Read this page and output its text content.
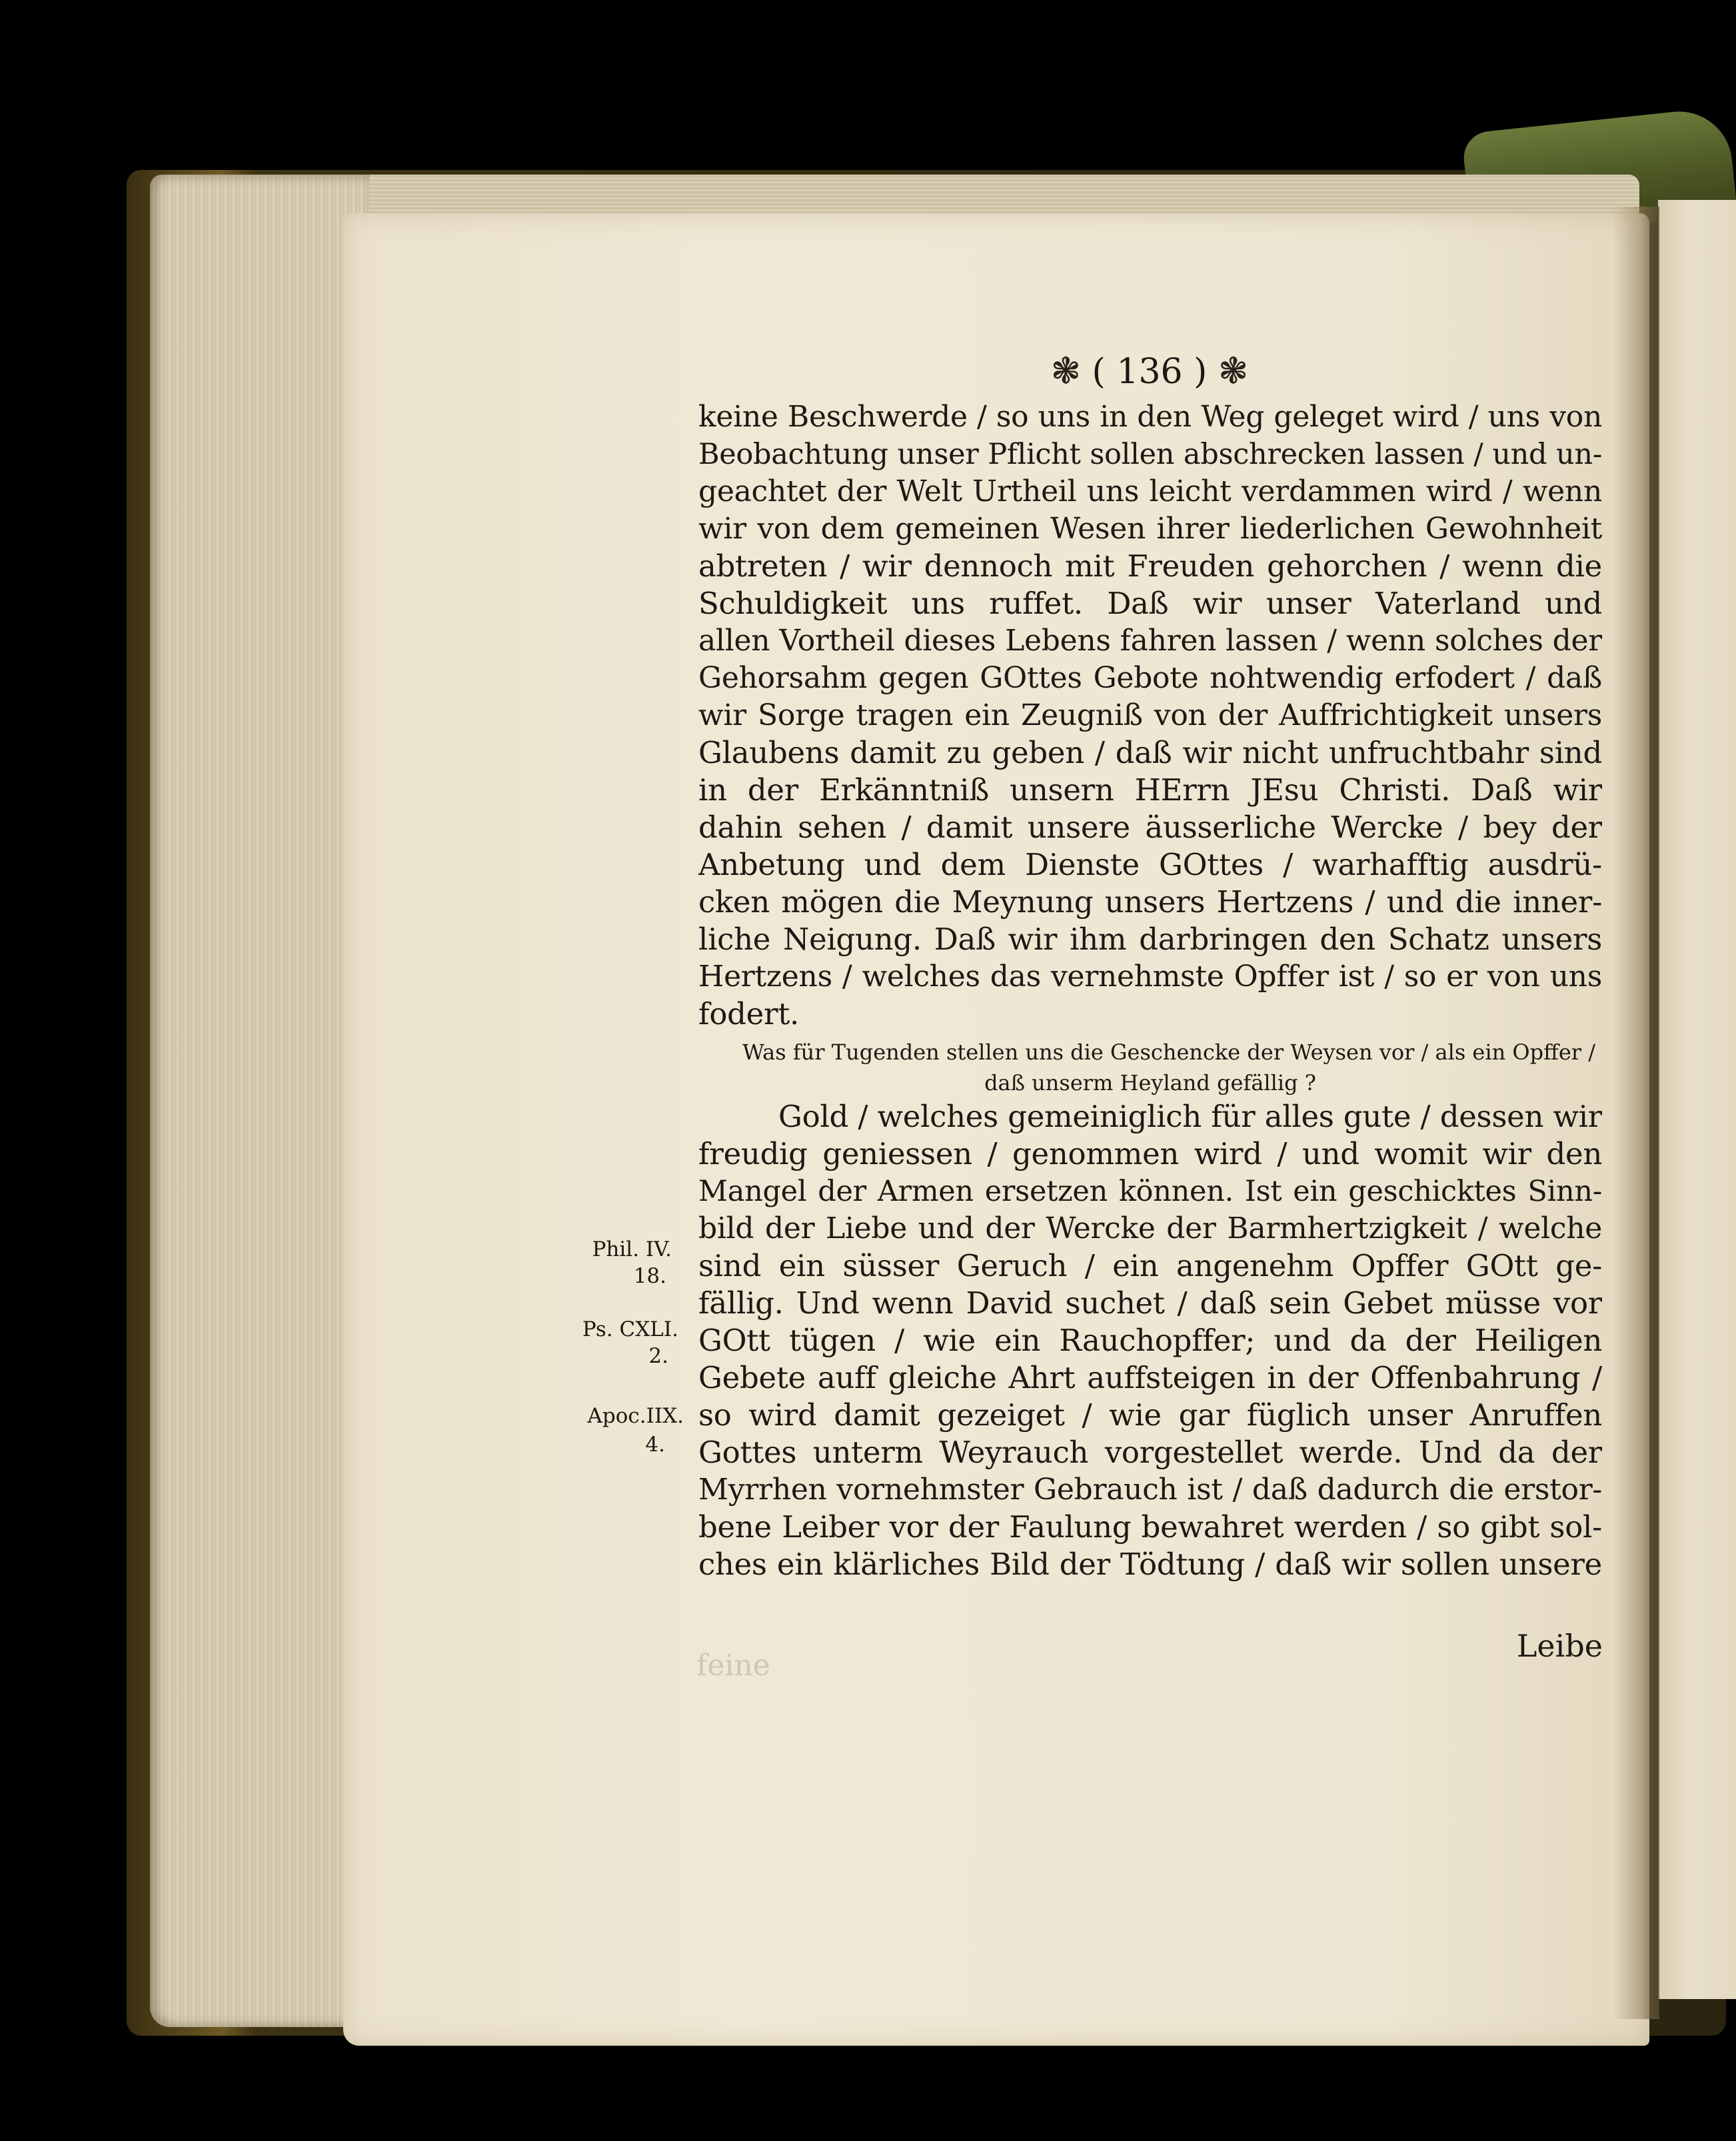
❃ ( 136 ) ❃
keine Beschwerde / so uns in den Weg geleget wird / uns von
Beobachtung unser Pflicht sollen abschrecken lassen / und un-
geachtet der Welt Urtheil uns leicht verdammen wird / wenn
wir von dem gemeinen Wesen ihrer liederlichen Gewohnheit
abtreten / wir dennoch mit Freuden gehorchen / wenn die
Schuldigkeit uns ruffet. Daß wir unser Vaterland und
allen Vortheil dieses Lebens fahren lassen / wenn solches der
Gehorsahm gegen GOttes Gebote nohtwendig erfodert / daß
wir Sorge tragen ein Zeugniß von der Auffrichtigkeit unsers
Glaubens damit zu geben / daß wir nicht unfruchtbahr sind
in der Erkänntniß unsern HErrn JEsu Christi. Daß wir
dahin sehen / damit unsere äusserliche Wercke / bey der
Anbetung und dem Dienste GOttes / warhafftig ausdrü-
cken mögen die Meynung unsers Hertzens / und die inner-
liche Neigung. Daß wir ihm darbringen den Schatz unsers
Hertzens / welches das vernehmste Opffer ist / so er von uns
fodert.
Was für Tugenden stellen uns die Geschencke der Weysen vor / als ein Opffer /
daß unserm Heyland gefällig ?
Gold / welches gemeiniglich für alles gute / dessen wir
freudig geniessen / genommen wird / und womit wir den
Mangel der Armen ersetzen können. Ist ein geschicktes Sinn-
bild der Liebe und der Wercke der Barmhertzigkeit / welche
sind ein süsser Geruch / ein angenehm Opffer GOtt ge-
fällig. Und wenn David suchet / daß sein Gebet müsse vor
GOtt tügen / wie ein Rauchopffer; und da der Heiligen
Gebete auff gleiche Ahrt auffsteigen in der Offenbahrung /
so wird damit gezeiget / wie gar füglich unser Anruffen
Gottes unterm Weyrauch vorgestellet werde. Und da der
Myrrhen vornehmster Gebrauch ist / daß dadurch die erstor-
bene Leiber vor der Faulung bewahret werden / so gibt sol-
ches ein klärliches Bild der Tödtung / daß wir sollen unsere
Leibe
feine
Phil. IV.
18.
Ps. CXLI.
2.
Apoc.IIX.
4.
